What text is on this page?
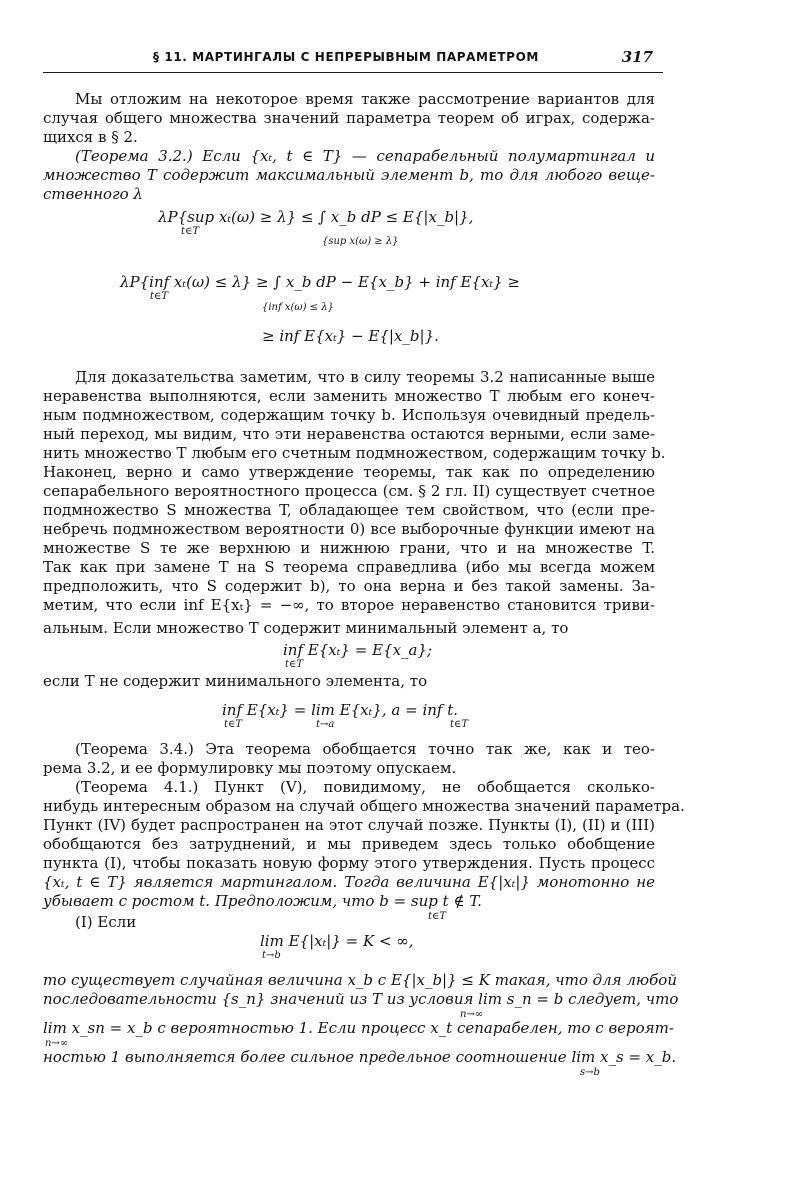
§ 11. МАРТИНГАЛЫ С НЕПРЕРЫВНЫМ ПАРАМЕТРОМ	317
Мы отложим на некоторое время также рассмотрение вариантов для
случая общего множества значений параметра теорем об играх, содержа-
щихся в § 2.
(Теорема 3.2.) Если {xₜ, t ∈ T} — сепарабельный полумартингал и
множество T содержит максимальный элемент b, то для любого веще-
ственного λ
λP{sup xₜ(ω) ≥ λ} ≤ ∫ x_b dP ≤ E{|x_b|},
t∈T
{sup x(ω) ≥ λ}
λP{inf xₜ(ω) ≤ λ} ≥ ∫ x_b dP − E{x_b} + inf E{xₜ} ≥
t∈T
{inf x(ω) ≤ λ}
≥ inf E{xₜ} − E{|x_b|}.
Для доказательства заметим, что в силу теоремы 3.2 написанные выше
неравенства выполняются, если заменить множество T любым его конеч-
ным подмножеством, содержащим точку b. Используя очевидный предель-
ный переход, мы видим, что эти неравенства остаются верными, если заме-
нить множество T любым его счетным подмножеством, содержащим точку b.
Наконец, верно и само утверждение теоремы, так как по определению
сепарабельного вероятностного процесса (см. § 2 гл. II) существует счетное
подмножество S множества T, обладающее тем свойством, что (если пре-
небречь подмножеством вероятности 0) все выборочные функции имеют на
множестве S те же верхнюю и нижнюю грани, что и на множестве T.
Так как при замене T на S теорема справедлива (ибо мы всегда можем
предположить, что S содержит b), то она верна и без такой замены. За-
метим, что если inf E{xₜ} = −∞, то второе неравенство становится триви-
альным. Если множество T содержит минимальный элемент a, то
inf E{xₜ} = E{x_a};
t∈T
если T не содержит минимального элемента, то
inf E{xₜ} = lim E{xₜ}, a = inf t.
t∈T	t→a	t∈T
(Теорема 3.4.) Эта теорема обобщается точно так же, как и тео-
рема 3.2, и ее формулировку мы поэтому опускаем.
(Теорема 4.1.) Пункт (V), повидимому, не обобщается сколько-
нибудь интересным образом на случай общего множества значений параметра.
Пункт (IV) будет распространен на этот случай позже. Пункты (I), (II) и (III)
обобщаются без затруднений, и мы приведем здесь только обобщение
пункта (I), чтобы показать новую форму этого утверждения. Пусть процесс
{xₜ, t ∈ T} является мартингалом. Тогда величина E{|xₜ|} монотонно не
убывает с ростом t. Предположим, что b = sup t ∉ T.
t∈T
(I) Если
lim E{|xₜ|} = K < ∞,
t→b
то существует случайная величина x_b с E{|x_b|} ≤ K такая, что для любой
последовательности {s_n} значений из T из условия lim s_n = b следует, что
n→∞
lim x_sn = x_b с вероятностью 1. Если процесс x_t сепарабелен, то с вероят-
n→∞
ностью 1 выполняется более сильное предельное соотношение lim x_s = x_b.
s→b
